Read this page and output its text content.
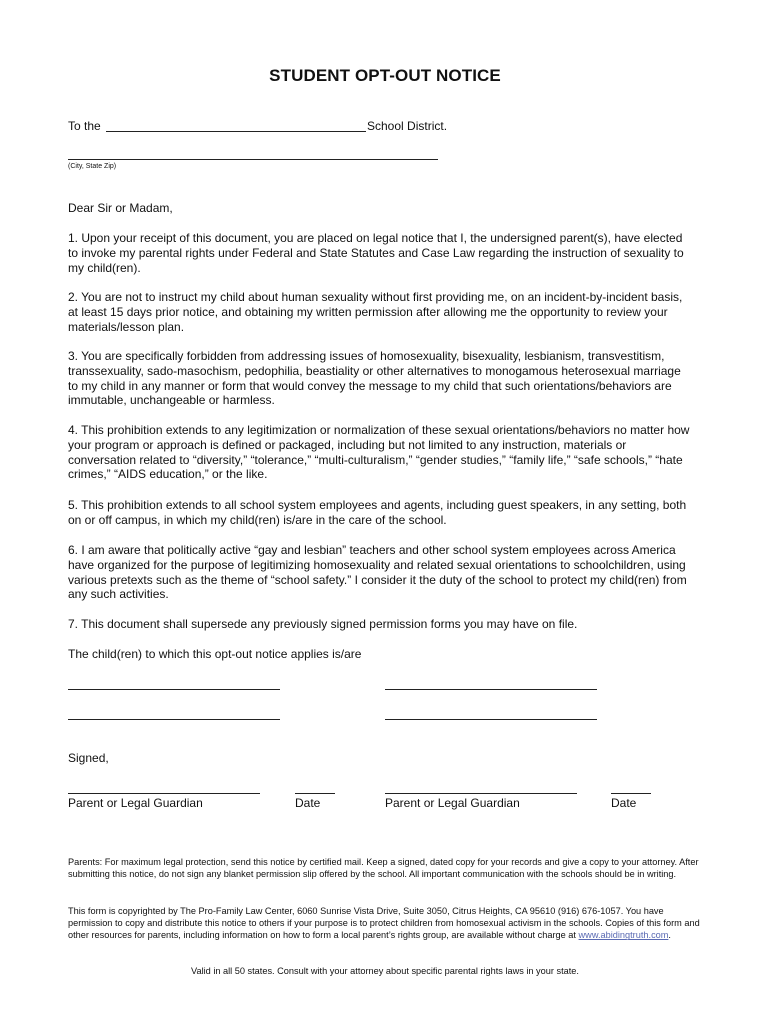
STUDENT OPT-OUT NOTICE
To the	School District.
(City, State Zip)
Dear Sir or Madam,
1. Upon your receipt of this document, you are placed on legal notice that I, the undersigned parent(s), have elected to invoke my parental rights under Federal and State Statutes and Case Law regarding the instruction of sexuality to my child(ren).
2. You are not to instruct my child about human sexuality without first providing me, on an incident-by-incident basis, at least 15 days prior notice, and obtaining my written permission after allowing me the opportunity to review your materials/lesson plan.
3. You are specifically forbidden from addressing issues of homosexuality, bisexuality, lesbianism, transvestitism, transsexuality, sado-masochism, pedophilia, beastiality or other alternatives to monogamous heterosexual marriage to my child in any manner or form that would convey the message to my child that such orientations/behaviors are immutable, unchangeable or harmless.
4. This prohibition extends to any legitimization or normalization of these sexual orientations/behaviors no matter how your program or approach is defined or packaged, including but not limited to any instruction, materials or conversation related to “diversity,” “tolerance,” “multi-culturalism,” “gender studies,” “family life,” “safe schools,” “hate crimes,” “AIDS education,” or the like.
5. This prohibition extends to all school system employees and agents, including guest speakers, in any setting, both on or off campus, in which my child(ren) is/are in the care of the school.
6. I am aware that politically active “gay and lesbian” teachers and other school system employees across America have organized for the purpose of legitimizing homosexuality and related sexual orientations to schoolchildren, using various pretexts such as the theme of “school safety.” I consider it the duty of the school to protect my child(ren) from any such activities.
7. This document shall supersede any previously signed permission forms you may have on file.
The child(ren) to which this opt-out notice applies is/are
Signed,
Parent or Legal Guardian	Date	Parent or Legal Guardian	Date
Parents: For maximum legal protection, send this notice by certified mail. Keep a signed, dated copy for your records and give a copy to your attorney. After submitting this notice, do not sign any blanket permission slip offered by the school. All important communication with the schools should be in writing.
This form is copyrighted by The Pro-Family Law Center, 6060 Sunrise Vista Drive, Suite 3050, Citrus Heights, CA 95610 (916) 676-1057. You have permission to copy and distribute this notice to others if your purpose is to protect children from homosexual activism in the schools. Copies of this form and other resources for parents, including information on how to form a local parent’s rights group, are available without charge at www.abidingtruth.com.
Valid in all 50 states. Consult with your attorney about specific parental rights laws in your state.
